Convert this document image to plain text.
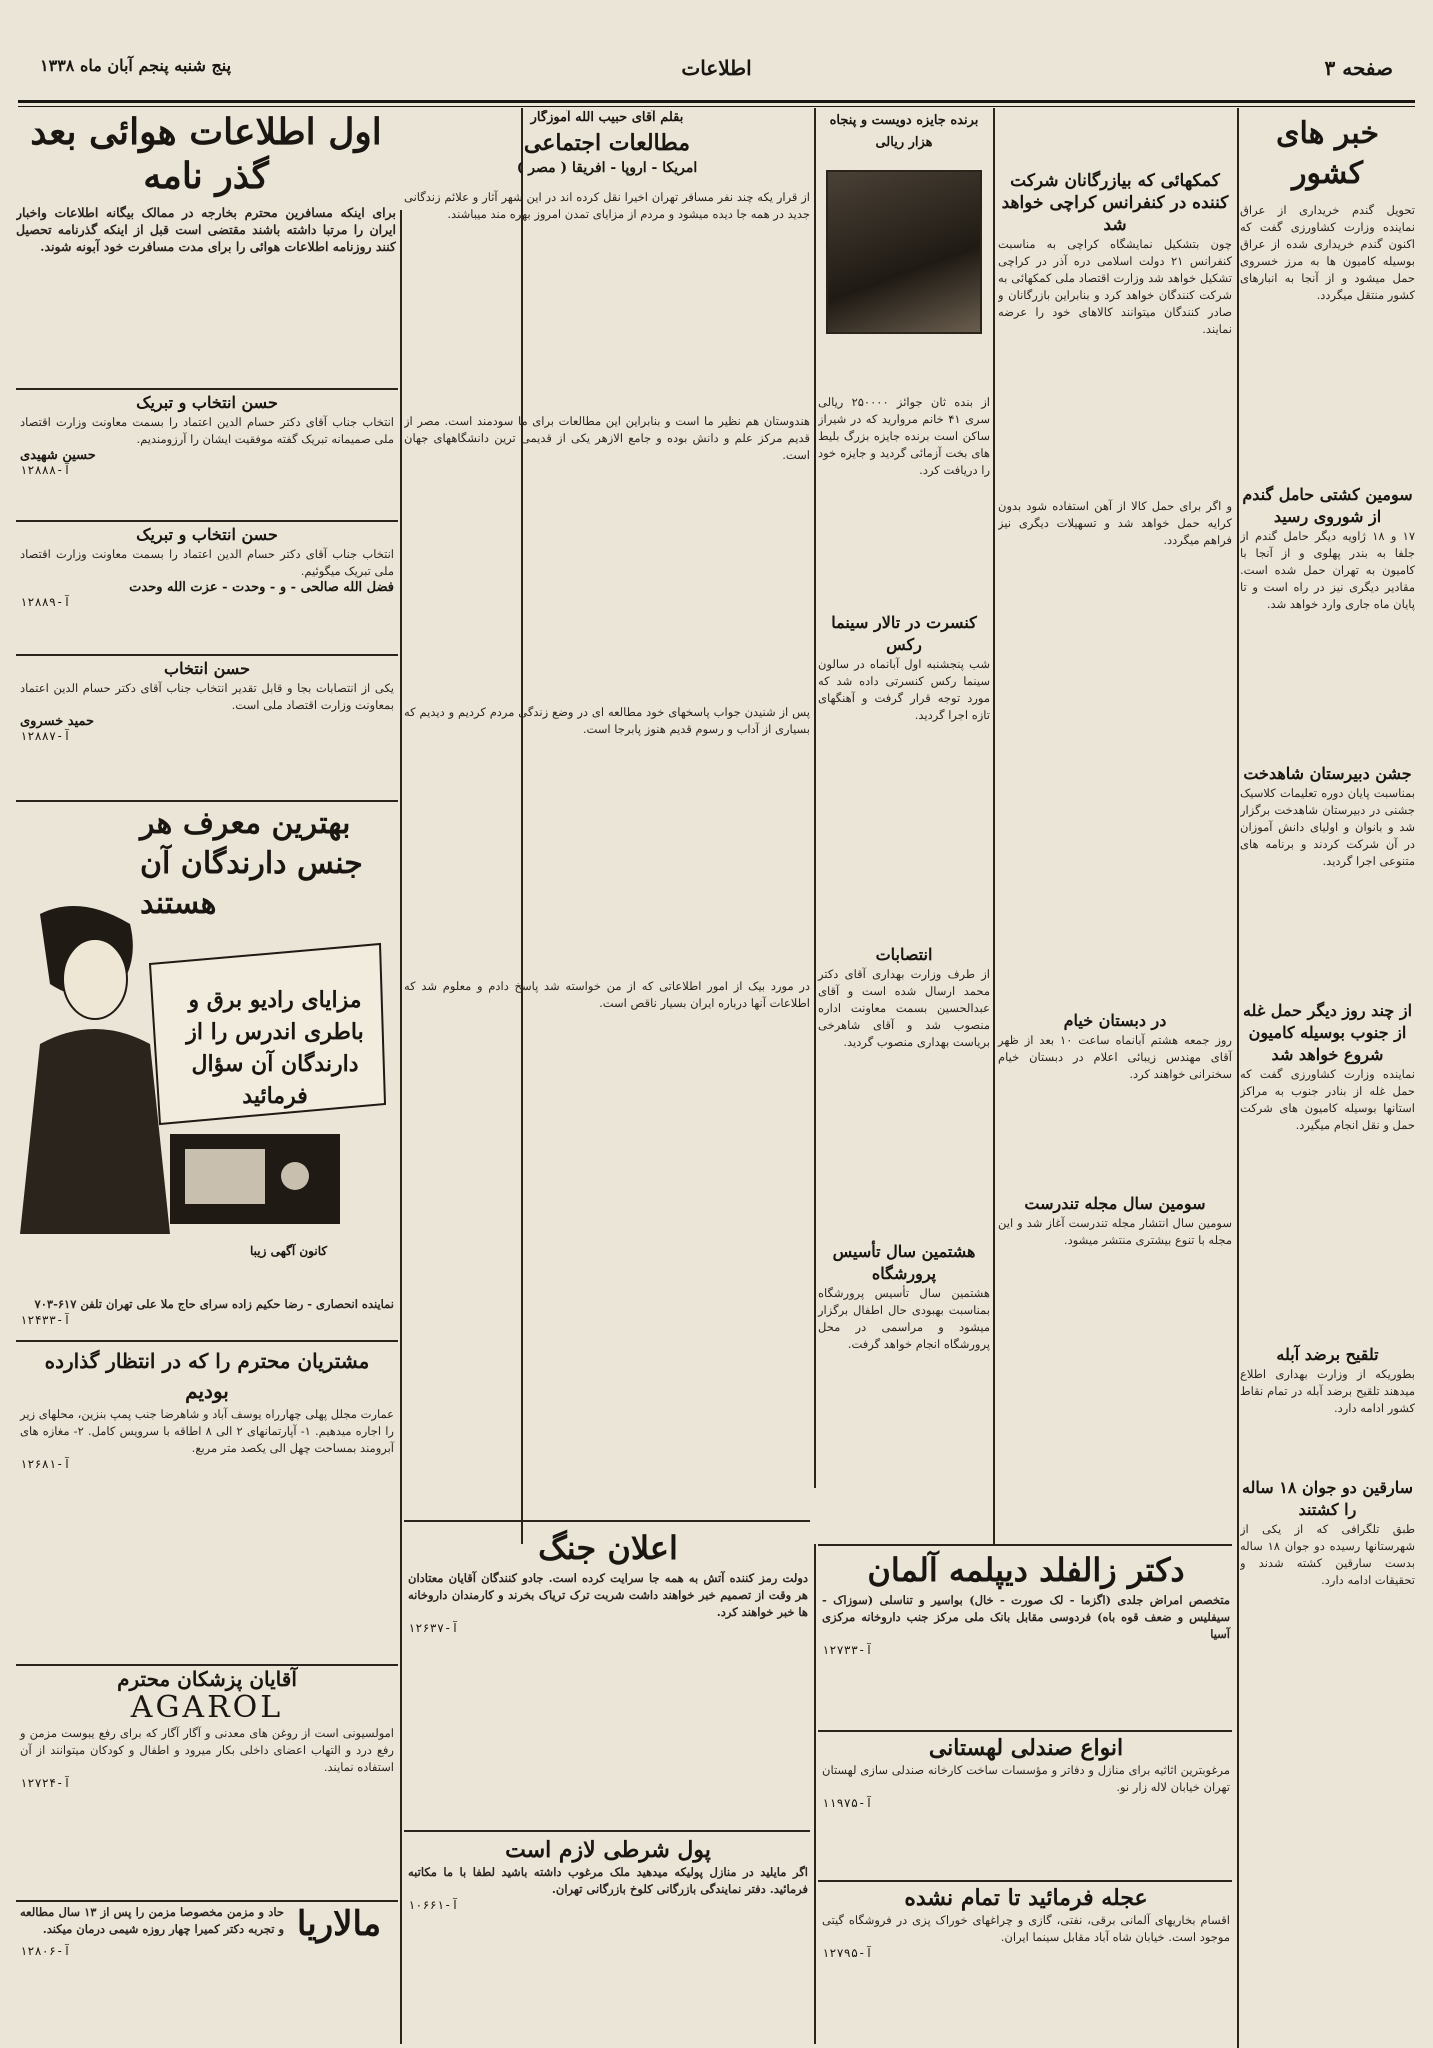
صفحه ۳
اطلاعات
پنج شنبه پنجم آبان ماه ۱۳۳۸
خبر های کشور
تحویل گندم خریداری از عراق نماینده وزارت کشاورزی گفت که اکنون گندم خریداری شده از عراق بوسیله کامیون ها به مرز خسروی حمل میشود و از آنجا به انبارهای کشور منتقل میگردد.
سومین کشتی حامل گندم از شوروی رسید
۱۷ و ۱۸ ژاویه دیگر حامل گندم از جلفا به بندر پهلوی و از آنجا با کامیون به تهران حمل شده است. مقادیر دیگری نیز در راه است و تا پایان ماه جاری وارد خواهد شد.
جشن دبیرستان شاهدخت
بمناسبت پایان دوره تعلیمات کلاسیک جشنی در دبیرستان شاهدخت برگزار شد و بانوان و اولیای دانش آموزان در آن شرکت کردند و برنامه های متنوعی اجرا گردید.
از چند روز دیگر حمل غله از جنوب بوسیله کامیون شروع خواهد شد
نماینده وزارت کشاورزی گفت که حمل غله از بنادر جنوب به مراکز استانها بوسیله کامیون های شرکت حمل و نقل انجام میگیرد.
تلقیح برضد آبله
بطوریکه از وزارت بهداری اطلاع میدهند تلقیح برضد آبله در تمام نقاط کشور ادامه دارد.
سارقین دو جوان ۱۸ ساله را کشتند
طبق تلگرافی که از یکی از شهرستانها رسیده دو جوان ۱۸ ساله بدست سارقین کشته شدند و تحقیقات ادامه دارد.
کمکهائی که بیازرگانان شرکت کننده در کنفرانس کراچی خواهد شد
چون بتشکیل نمایشگاه کراچی به مناسبت کنفرانس ۲۱ دولت اسلامی دره آذر در کراچی تشکیل خواهد شد وزارت اقتصاد ملی کمکهائی به شرکت کنندگان خواهد کرد و بنابراین بازرگانان و صادر کنندگان میتوانند کالاهای خود را عرضه نمایند.
و اگر برای حمل کالا از آهن استفاده شود بدون کرایه حمل خواهد شد و تسهیلات دیگری نیز فراهم میگردد.
برنده جایزه دویست و پنجاه هزار ریالی
از بنده ثان جوائز ۲۵۰۰۰۰ ریالی سری ۴۱ خانم مروارید که در شیراز ساکن است برنده جایزه بزرگ بلیط های بخت آزمائی گردید و جایزه خود را دریافت کرد.
کنسرت در تالار سینما رکس
شب پنجشنبه اول آبانماه در سالون سینما رکس کنسرتی داده شد که مورد توجه قرار گرفت و آهنگهای تازه اجرا گردید.
انتصابات
از طرف وزارت بهداری آقای دکتر محمد ارسال شده است و آقای عبدالحسین بسمت معاونت اداره منصوب شد و آقای شاهرخی بریاست بهداری منصوب گردید.
هشتمین سال تأسیس پرورشگاه
هشتمین سال تأسیس پرورشگاه بمناسبت بهبودی حال اطفال برگزار میشود و مراسمی در محل پرورشگاه انجام خواهد گرفت.
در دبستان خیام
روز جمعه هشتم آبانماه ساعت ۱۰ بعد از ظهر آقای مهندس زیبائی اعلام در دبستان خیام سخنرانی خواهند کرد.
سومین سال مجله تندرست
سومین سال انتشار مجله تندرست آغاز شد و این مجله با تنوع بیشتری منتشر میشود.
بقلم آقای حبیب الله آموزگار
مطالعات اجتماعی
امریکا - اروپا - افریقا ( مصر )
از قرار یکه چند نفر مسافر تهران اخیرا نقل کرده اند در این شهر آثار و علائم زندگانی جدید در همه جا دیده میشود و مردم از مزایای تمدن امروز بهره مند میباشند.
هندوستان هم نظیر ما است و بنابراین این مطالعات برای ما سودمند است. مصر از قدیم مرکز علم و دانش بوده و جامع الازهر یکی از قدیمی ترین دانشگاههای جهان است.
پس از شنیدن جواب پاسخهای خود مطالعه ای در وضع زندگی مردم کردیم و دیدیم که بسیاری از آداب و رسوم قدیم هنوز پابرجا است.
در مورد بیک از امور اطلاعاتی که از من خواسته شد پاسخ دادم و معلوم شد که اطلاعات آنها درباره ایران بسیار ناقص است.
اول اطلاعات هوائی بعد گذر نامه
برای اینکه مسافرین محترم بخارجه در ممالک بیگانه اطلاعات واخبار ایران را مرتبا داشته باشند مقتضی است قبل از اینکه گذرنامه تحصیل کنند روزنامه اطلاعات هوائی را برای مدت مسافرت خود آبونه شوند.
حسن انتخاب و تبریک
انتخاب جناب آقای دکتر حسام الدین اعتماد را بسمت معاونت وزارت اقتصاد ملی صمیمانه تبریک گفته موفقیت ایشان را آرزومندیم.
حسین شهیدی
آ-۱۲۸۸۸
حسن انتخاب و تبریک
انتخاب جناب آقای دکتر حسام الدین اعتماد را بسمت معاونت وزارت اقتصاد ملی تبریک میگوئیم.
فضل الله صالحی - و - وحدت - عزت الله وحدت
آ-۱۲۸۸۹
حسن انتخاب
یکی از انتصابات بجا و قابل تقدیر انتخاب جناب آقای دکتر حسام الدین اعتماد بمعاونت وزارت اقتصاد ملی است.
حمید خسروی
آ-۱۲۸۸۷
بهترین معرف هر جنس دارندگان آن هستند
مزایای رادیو برق و باطری اندرس را از دارندگان آن سؤال فرمائید
کانون آگهی زیبا
نماینده انحصاری - رضا حکیم زاده سرای حاج ملا علی تهران تلفن ۶۱۷-۷۰۳
آ-۱۲۴۳۳
مشتریان محترم را که در انتظار گذارده بودیم
عمارت مجلل پهلی چهارراه یوسف آباد و شاهرضا جنب پمپ بنزین، محلهای زیر را اجاره میدهیم. ۱- آپارتمانهای ۲ الی ۸ اطاقه با سرویس کامل. ۲- مغازه های آبرومند بمساحت چهل الی یکصد متر مربع.
آ-۱۲۶۸۱
آقایان پزشکان محترم
AGAROL
امولسیونی است از روغن های معدنی و آگار آگار که برای رفع یبوست مزمن و رفع درد و التهاب اعضای داخلی بکار میرود و اطفال و کودکان میتوانند از آن استفاده نمایند.
آ-۱۲۷۲۴
مالاریا
حاد و مزمن مخصوصا مزمن را پس از ۱۳ سال مطالعه و تجربه دکتر کمیرا چهار روزه شیمی درمان میکند.
آ-۱۲۸۰۶
اعلان جنگ
دولت رمز کننده آتش به همه جا سرایت کرده است. جادو کنندگان آقایان معتادان هر وقت از تصمیم خبر خواهند داشت شربت ترک تریاک بخرند و کارمندان داروخانه ها خبر خواهند کرد.
آ-۱۲۶۳۷
دکتر زالفلد دیپلمه آلمان
متخصص امراض جلدی (اگزما - لک صورت - خال) بواسیر و تناسلی (سوزاک - سیفلیس و ضعف قوه باه) فردوسی مقابل بانک ملی مرکز جنب داروخانه مرکزی آسیا
آ-۱۲۷۳۳
انواع صندلی لهستانی
مرغوبترین اثاثیه برای منازل و دفاتر و مؤسسات ساخت کارخانه صندلی سازی لهستان تهران خیابان لاله زار نو.
آ-۱۱۹۷۵
پول شرطی لازم است
اگر مایلید در منازل پولیکه میدهید ملک مرغوب داشته باشید لطفا با ما مکاتبه فرمائید. دفتر نمایندگی بازرگانی کلوخ بازرگانی تهران.
آ-۱۰۶۶۱	عجله فرمائید تا تمام نشده
اقسام بخاریهای آلمانی برقی، نفتی، گازی و چراغهای خوراک پزی در فروشگاه گیتی موجود است. خیابان شاه آباد مقابل سینما ایران.
آ-۱۲۷۹۵
